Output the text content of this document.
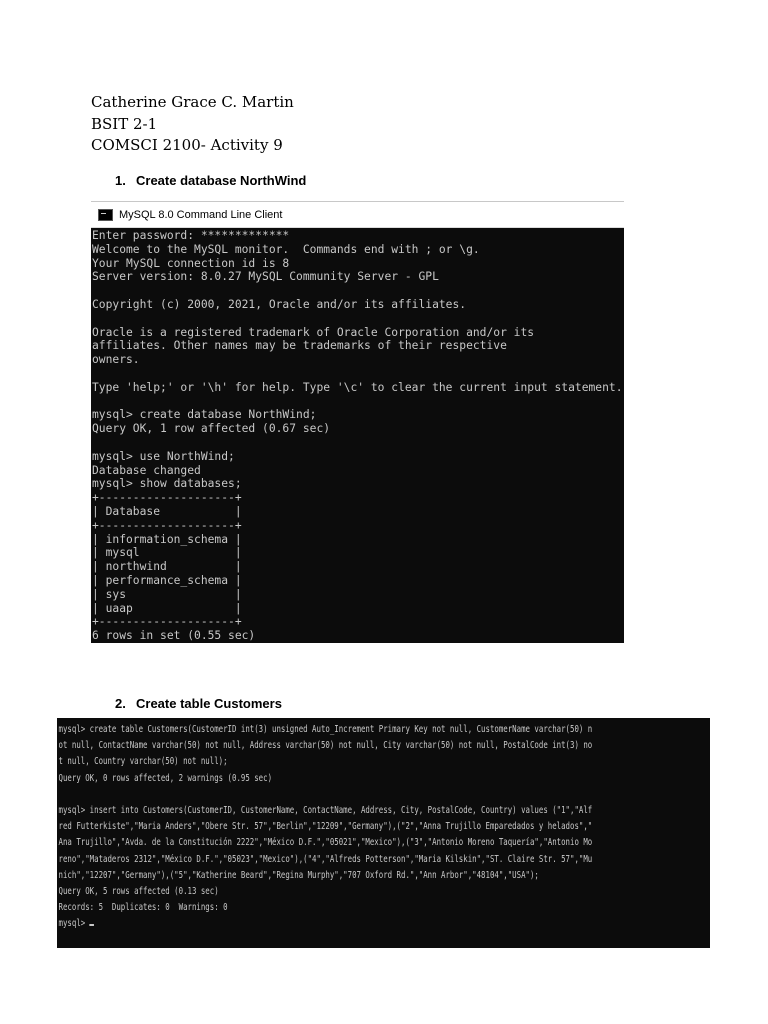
Catherine Grace C. Martin
BSIT 2-1
COMSCI 2100- Activity 9
1. Create database NorthWind
MySQL 8.0 Command Line Client
Enter password: *************
Welcome to the MySQL monitor.  Commands end with ; or \g.
Your MySQL connection id is 8
Server version: 8.0.27 MySQL Community Server - GPL

Copyright (c) 2000, 2021, Oracle and/or its affiliates.

Oracle is a registered trademark of Oracle Corporation and/or its
affiliates. Other names may be trademarks of their respective
owners.

Type 'help;' or '\h' for help. Type '\c' to clear the current input statement.

mysql> create database NorthWind;
Query OK, 1 row affected (0.67 sec)

mysql> use NorthWind;
Database changed
mysql> show databases;
+--------------------+
| Database           |
+--------------------+
| information_schema |
| mysql              |
| northwind          |
| performance_schema |
| sys                |
| uaap               |
+--------------------+
6 rows in set (0.55 sec)
2. Create table Customers
mysql> create table Customers(CustomerID int(3) unsigned Auto_Increment Primary Key not null, CustomerName varchar(50) n
ot null, ContactName varchar(50) not null, Address varchar(50) not null, City varchar(50) not null, PostalCode int(3) no
t null, Country varchar(50) not null);
Query OK, 0 rows affected, 2 warnings (0.95 sec)

mysql> insert into Customers(CustomerID, CustomerName, ContactName, Address, City, PostalCode, Country) values ("1","Alf
red Futterkiste","Maria Anders","Obere Str. 57","Berlin","12209","Germany"),("2","Anna Trujillo Emparedados y helados","
Ana Trujillo","Avda. de la Constitución 2222","México D.F.","05021","Mexico"),("3","Antonio Moreno Taquería","Antonio Mo
reno","Mataderos 2312","México D.F.","05023","Mexico"),("4","Alfreds Potterson","Maria Kilskin","ST. Claire Str. 57","Mu
nich","12207","Germany"),("5","Katherine Beard","Regina Murphy","707 Oxford Rd.","Ann Arbor","48104","USA");
Query OK, 5 rows affected (0.13 sec)
Records: 5  Duplicates: 0  Warnings: 0
mysql>
